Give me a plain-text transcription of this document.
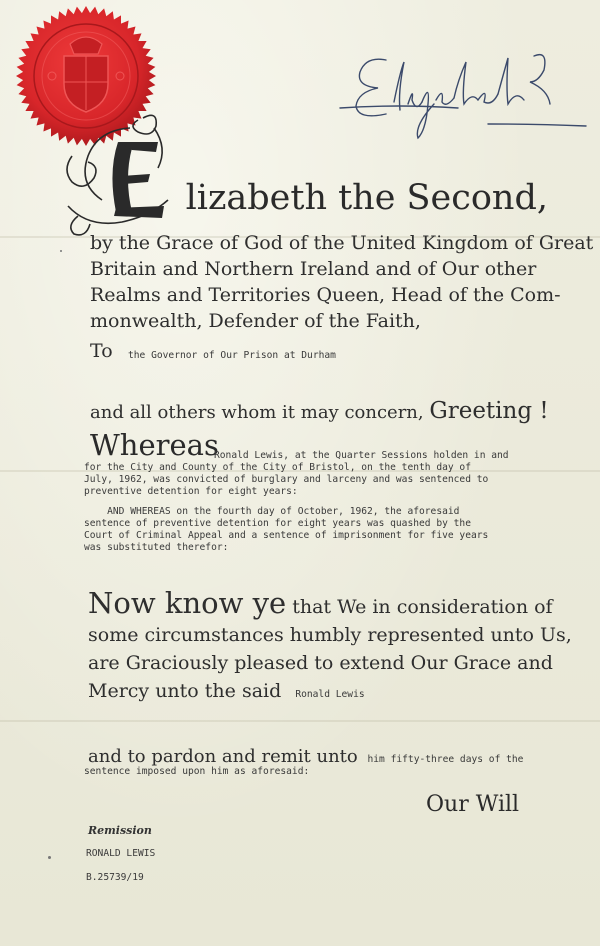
lizabeth the Second,
by the Grace of God of the United Kingdom of Great
Britain and Northern Ireland and of Our other
Realms and Territories Queen, Head of the Com-
monwealth, Defender of the Faith,
To the Governor of Our Prison at Durham
and all others whom it may concern, Greeting !
Whereas
Ronald Lewis, at the Quarter Sessions holden in and
for the City and County of the City of Bristol, on the tenth day of
July, 1962, was convicted of burglary and larceny and was sentenced to
preventive detention for eight years:
AND WHEREAS on the fourth day of October, 1962, the aforesaid
sentence of preventive detention for eight years was quashed by the
Court of Criminal Appeal and a sentence of imprisonment for five years
was substituted therefor:
Now know ye that We in consideration of
some circumstances humbly represented unto Us,
are Graciously pleased to extend Our Grace and
Mercy unto the said Ronald Lewis
and to pardon and remit unto him fifty-three days of the
sentence imposed upon him as aforesaid:
Our Will
Remission
RONALD LEWIS
B.25739/19
